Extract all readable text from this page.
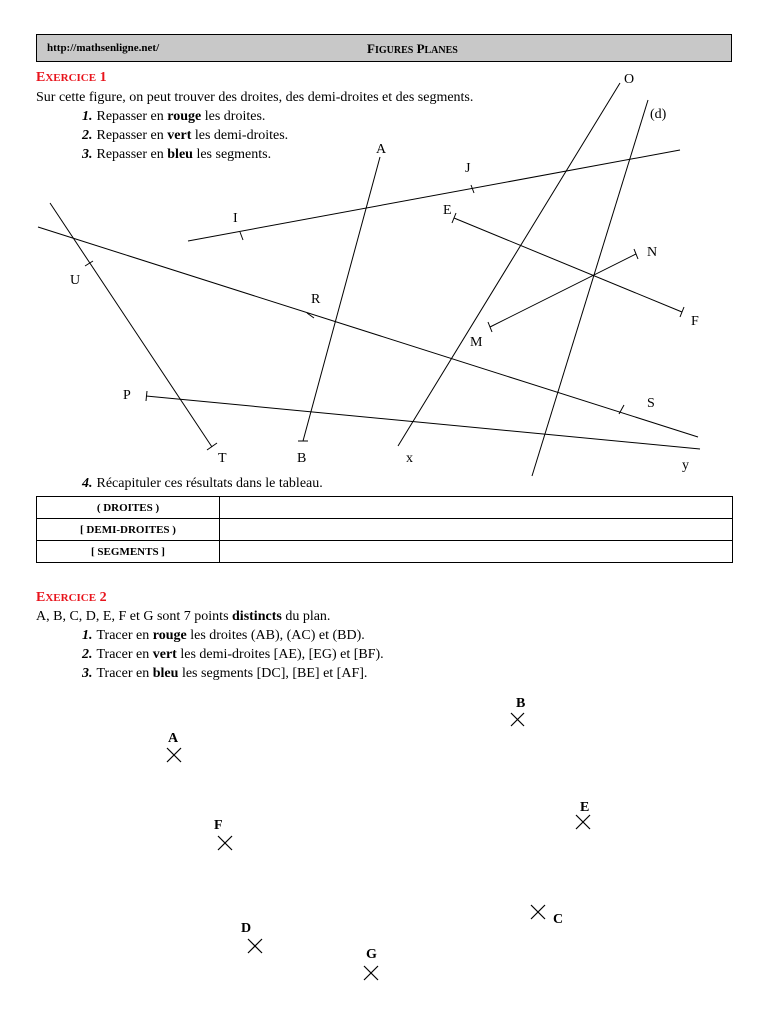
http://mathsenligne.net/	FIGURES PLANES
EXERCICE 1
Sur cette figure, on peut trouver des droites, des demi-droites et des segments.
1. Repasser en rouge les droites.
2. Repasser en vert les demi-droites.
3. Repasser en bleu les segments.
O
(d)
A
J
E
I
N
U
R
F
M
P
S
T	B	x	y
4. Récapituler ces résultats dans le tableau.
( DROITES )	
[ DEMI-DROITES )	
[ SEGMENTS ]	
EXERCICE 2
A, B, C, D, E, F et G sont 7 points distincts du plan.
1. Tracer en rouge les droites (AB), (AC) et (BD).
2. Tracer en vert les demi-droites [AE), [EG) et [BF).
3. Tracer en bleu les segments [DC], [BE] et [AF].
B
A
E
F
C
D
G
